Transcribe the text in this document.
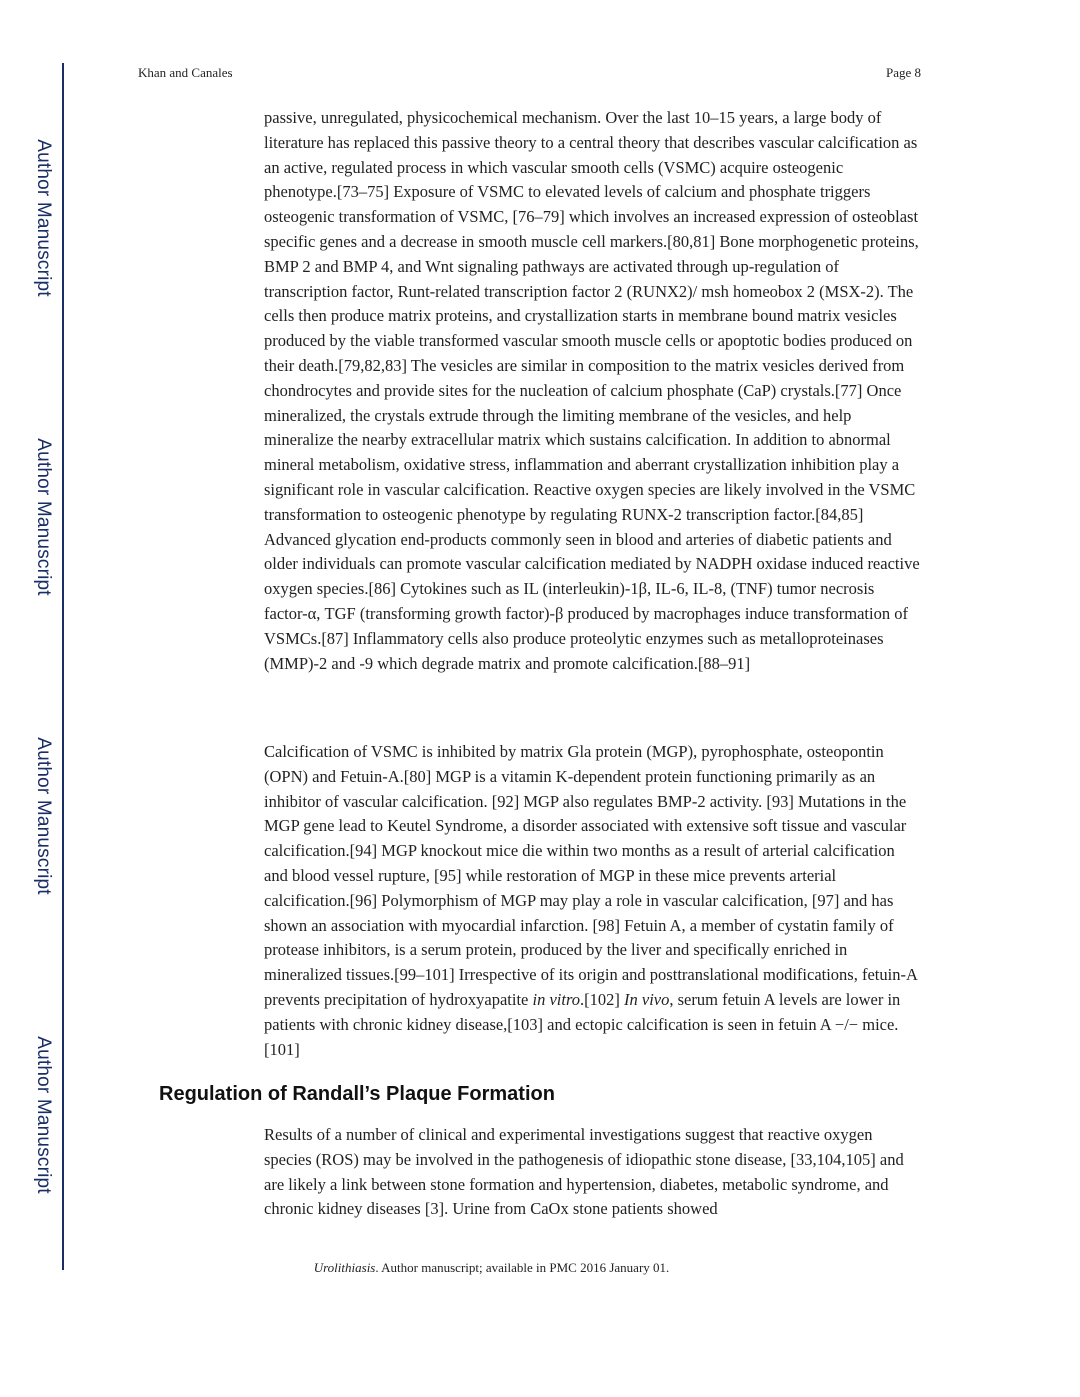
Author Manuscript
Author Manuscript
Author Manuscript
Author Manuscript
Khan and Canales	Page 8

passive, unregulated, physicochemical mechanism. Over the last 10–15 years, a large body of literature has replaced this passive theory to a central theory that describes vascular calcification as an active, regulated process in which vascular smooth cells (VSMC) acquire osteogenic phenotype.[73–75] Exposure of VSMC to elevated levels of calcium and phosphate triggers osteogenic transformation of VSMC, [76–79] which involves an increased expression of osteoblast specific genes and a decrease in smooth muscle cell markers.[80,81] Bone morphogenetic proteins, BMP 2 and BMP 4, and Wnt signaling pathways are activated through up-regulation of transcription factor, Runt-related transcription factor 2 (RUNX2)/ msh homeobox 2 (MSX-2). The cells then produce matrix proteins, and crystallization starts in membrane bound matrix vesicles produced by the viable transformed vascular smooth muscle cells or apoptotic bodies produced on their death.[79,82,83] The vesicles are similar in composition to the matrix vesicles derived from chondrocytes and provide sites for the nucleation of calcium phosphate (CaP) crystals.[77] Once mineralized, the crystals extrude through the limiting membrane of the vesicles, and help mineralize the nearby extracellular matrix which sustains calcification. In addition to abnormal mineral metabolism, oxidative stress, inflammation and aberrant crystallization inhibition play a significant role in vascular calcification. Reactive oxygen species are likely involved in the VSMC transformation to osteogenic phenotype by regulating RUNX-2 transcription factor.[84,85] Advanced glycation end-products commonly seen in blood and arteries of diabetic patients and older individuals can promote vascular calcification mediated by NADPH oxidase induced reactive oxygen species.[86] Cytokines such as IL (interleukin)-1β, IL-6, IL-8, (TNF) tumor necrosis factor-α, TGF (transforming growth factor)-β produced by macrophages induce transformation of VSMCs.[87] Inflammatory cells also produce proteolytic enzymes such as metalloproteinases (MMP)-2 and -9 which degrade matrix and promote calcification.[88–91]

Calcification of VSMC is inhibited by matrix Gla protein (MGP), pyrophosphate, osteopontin (OPN) and Fetuin-A.[80] MGP is a vitamin K-dependent protein functioning primarily as an inhibitor of vascular calcification. [92] MGP also regulates BMP-2 activity. [93] Mutations in the MGP gene lead to Keutel Syndrome, a disorder associated with extensive soft tissue and vascular calcification.[94] MGP knockout mice die within two months as a result of arterial calcification and blood vessel rupture, [95] while restoration of MGP in these mice prevents arterial calcification.[96] Polymorphism of MGP may play a role in vascular calcification, [97] and has shown an association with myocardial infarction. [98] Fetuin A, a member of cystatin family of protease inhibitors, is a serum protein, produced by the liver and specifically enriched in mineralized tissues.[99–101] Irrespective of its origin and posttranslational modifications, fetuin-A prevents precipitation of hydroxyapatite in vitro.[102] In vivo, serum fetuin A levels are lower in patients with chronic kidney disease,[103] and ectopic calcification is seen in fetuin A −/− mice.[101]

Regulation of Randall’s Plaque Formation

Results of a number of clinical and experimental investigations suggest that reactive oxygen species (ROS) may be involved in the pathogenesis of idiopathic stone disease, [33,104,105] and are likely a link between stone formation and hypertension, diabetes, metabolic syndrome, and chronic kidney diseases [3]. Urine from CaOx stone patients showed

Urolithiasis. Author manuscript; available in PMC 2016 January 01.
